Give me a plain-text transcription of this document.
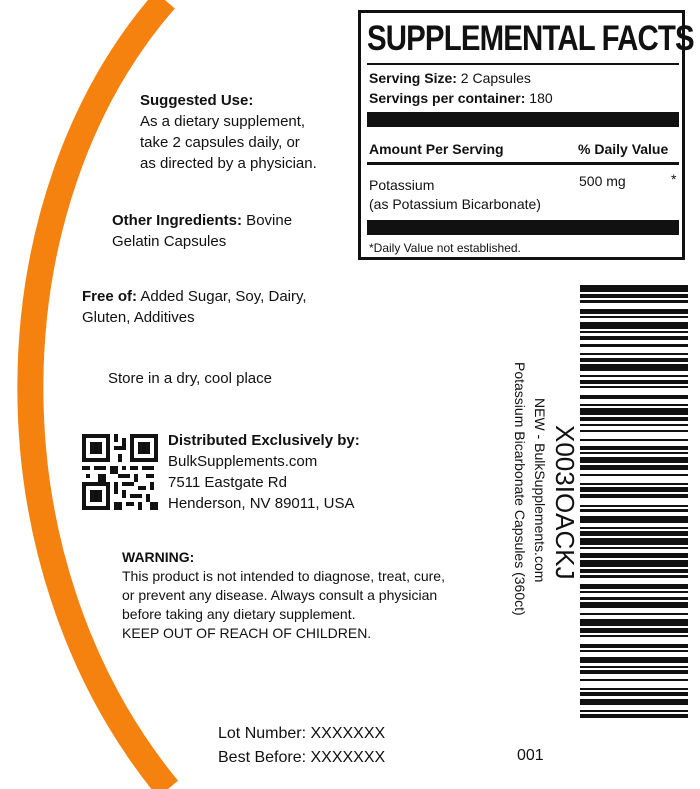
Suggested Use:
As a dietary supplement,
take 2 capsules daily, or
as directed by a physician.
Other Ingredients: Bovine
Gelatin Capsules
Free of: Added Sugar, Soy, Dairy,
Gluten, Additives
Store in a dry, cool place
Distributed Exclusively by:
BulkSupplements.com
7511 Eastgate Rd
Henderson, NV 89011, USA
WARNING:
This product is not intended to diagnose, treat, cure,
or prevent any disease. Always consult a physician
before taking any dietary supplement.
KEEP OUT OF REACH OF CHILDREN.
Lot Number: XXXXXXX
Best Before: XXXXXXX	001
SUPPLEMENTAL FACTS
Serving Size: 2 Capsules
Servings per container: 180
Amount Per Serving	% Daily Value
Potassium
(as Potassium Bicarbonate)
500 mg	*
*Daily Value not established.
X003IOACKJ
NEW - BulkSupplements.com
Potassium Bicarbonate Capsules (360ct)
